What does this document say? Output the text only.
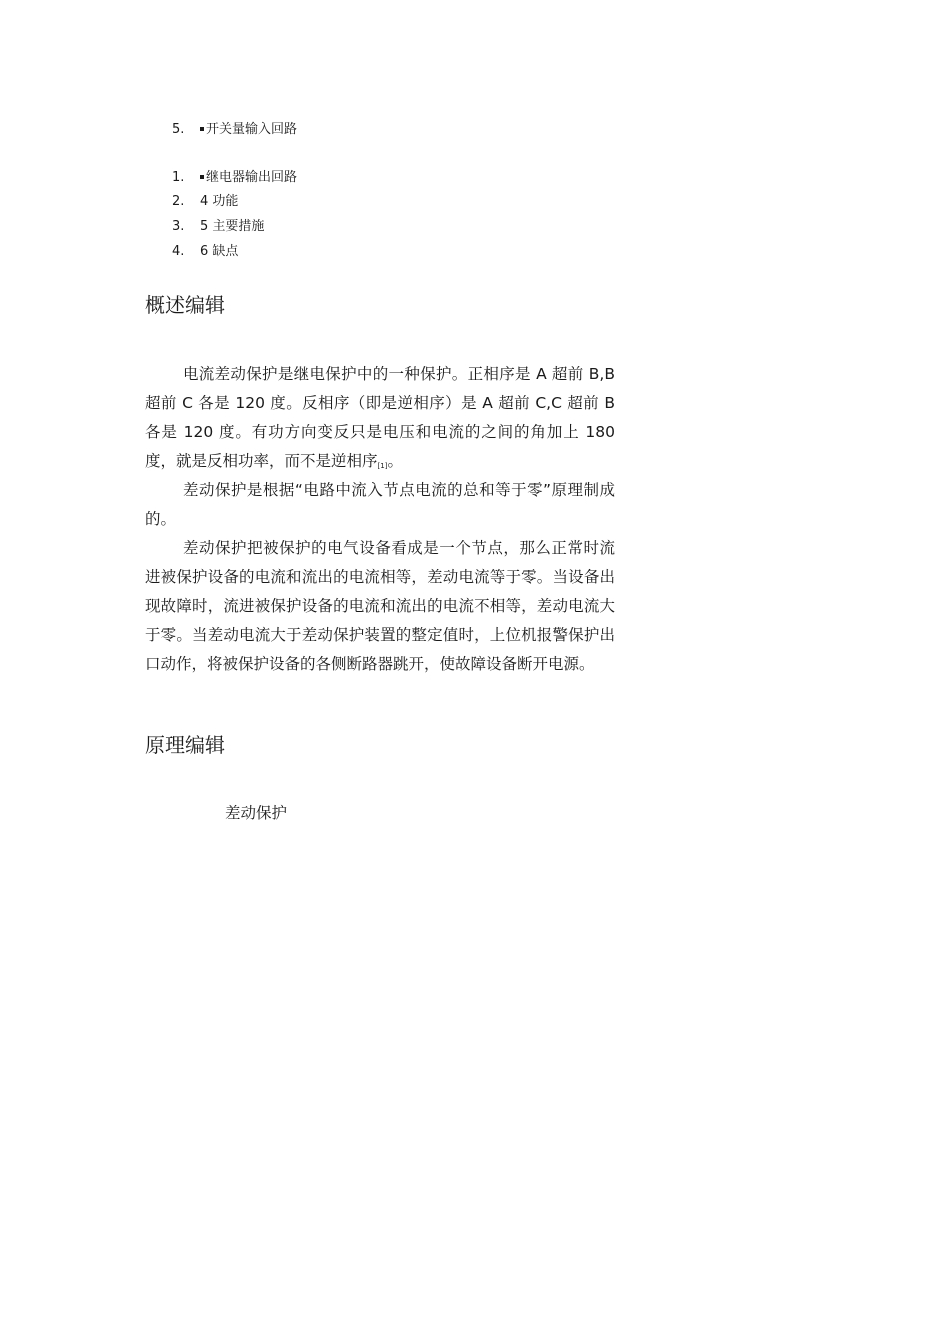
5. 开关量输入回路
1. 继电器输出回路
2. 4 功能
3. 5 主要措施
4. 6 缺点
概述编辑

电流差动保护是继电保护中的一种保护。正相序是 A 超前 B,B 超前 C 各是 120 度。反相序（即是逆相序）是 A 超前 C,C 超前 B 各是 120 度。有功方向变反只是电压和电流的之间的角加上 180 度，就是反相功率，而不是逆相序[1]。

差动保护是根据“电路中流入节点电流的总和等于零”原理制成的。

差动保护把被保护的电气设备看成是一个节点，那么正常时流进被保护设备的电流和流出的电流相等，差动电流等于零。当设备出现故障时，流进被保护设备的电流和流出的电流不相等，差动电流大于零。当差动电流大于差动保护装置的整定值时，上位机报警保护出口动作，将被保护设备的各侧断路器跳开，使故障设备断开电源。

原理编辑
差动保护
